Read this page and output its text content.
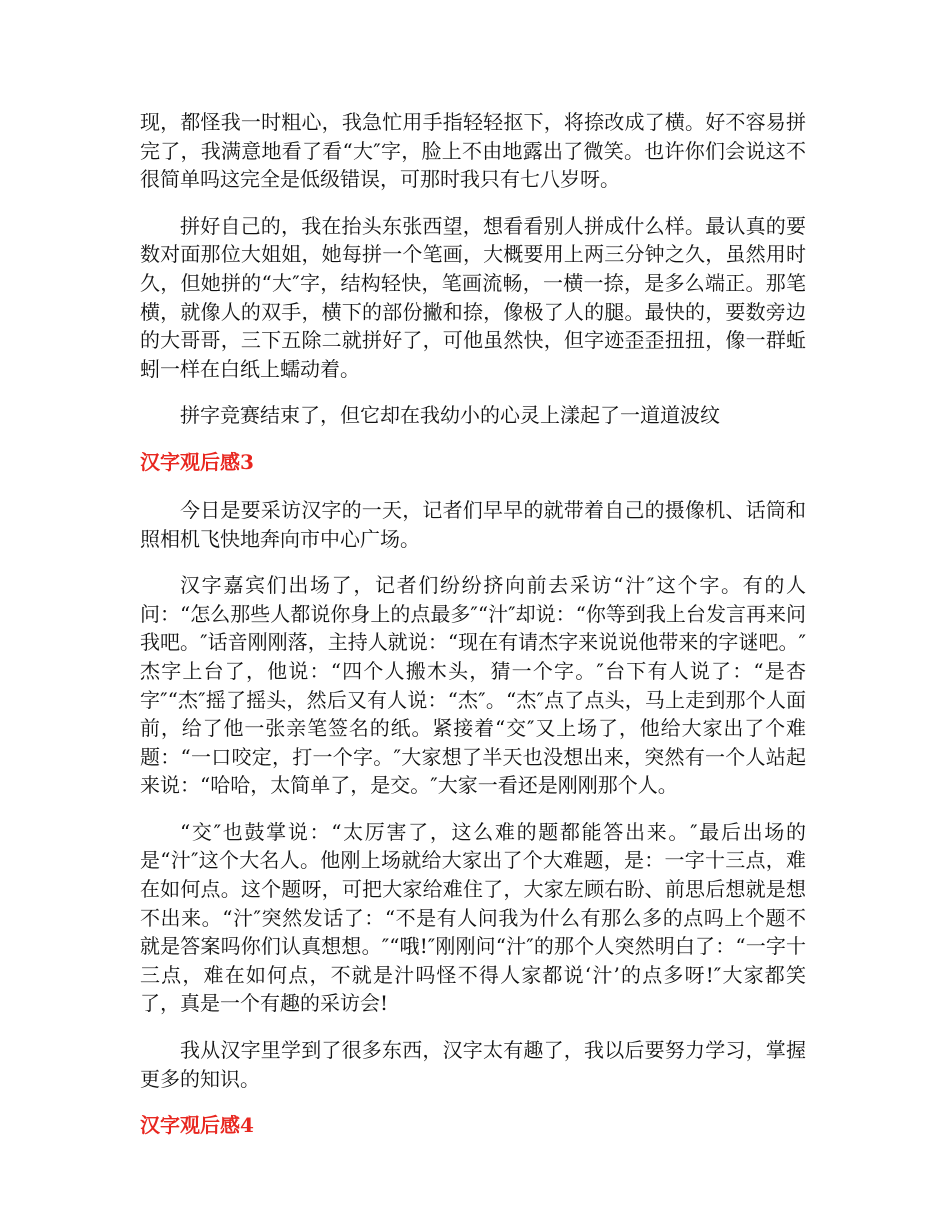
现，都怪我一时粗心，我急忙用手指轻轻抠下，将捺改成了横。好不容易拼完了，我满意地看了看“大″字，脸上不由地露出了微笑。也许你们会说这不很简单吗这完全是低级错误，可那时我只有七八岁呀。

拼好自己的，我在抬头东张西望，想看看别人拼成什么样。最认真的要数对面那位大姐姐，她每拼一个笔画，大概要用上两三分钟之久，虽然用时久，但她拼的“大″字，结构轻快，笔画流畅，一横一捺，是多么端正。那笔横，就像人的双手，横下的部份撇和捺，像极了人的腿。最快的，要数旁边的大哥哥，三下五除二就拼好了，可他虽然快，但字迹歪歪扭扭，像一群蚯蚓一样在白纸上蠕动着。

拼字竞赛结束了，但它却在我幼小的心灵上漾起了一道道波纹

汉字观后感3

今日是要采访汉字的一天，记者们早早的就带着自己的摄像机、话筒和照相机飞快地奔向市中心广场。

汉字嘉宾们出场了，记者们纷纷挤向前去采访“汁″这个字。有的人问：“怎么那些人都说你身上的点最多″“汁″却说：“你等到我上台发言再来问我吧。″话音刚刚落，主持人就说：“现在有请杰字来说说他带来的字谜吧。″杰字上台了，他说：“四个人搬木头，猜一个字。″台下有人说了：“是杏字″“杰″摇了摇头，然后又有人说：“杰″。“杰″点了点头，马上走到那个人面前，给了他一张亲笔签名的纸。紧接着“交″又上场了，他给大家出了个难题：“一口咬定，打一个字。″大家想了半天也没想出来，突然有一个人站起来说：“哈哈，太简单了，是交。″大家一看还是刚刚那个人。

“交″也鼓掌说：“太厉害了，这么难的题都能答出来。″最后出场的是“汁″这个大名人。他刚上场就给大家出了个大难题，是：一字十三点，难在如何点。这个题呀，可把大家给难住了，大家左顾右盼、前思后想就是想不出来。“汁″突然发话了：“不是有人问我为什么有那么多的点吗上个题不就是答案吗你们认真想想。″“哦!″刚刚问“汁″的那个人突然明白了：“一字十三点，难在如何点，不就是汁吗怪不得人家都说‘汁’的点多呀!″大家都笑了，真是一个有趣的采访会!

我从汉字里学到了很多东西，汉字太有趣了，我以后要努力学习，掌握更多的知识。

汉字观后感4
